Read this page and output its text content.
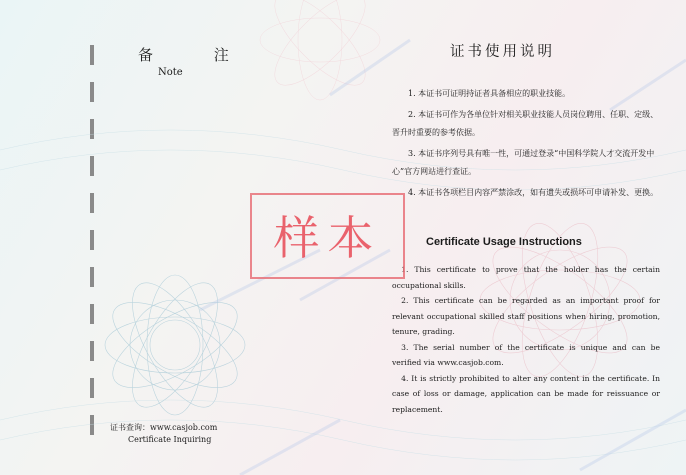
备 注
Note
证书查询：www.casjob.com
Certificate Inquiring
证书使用说明
1. 本证书可证明持证者具备相应的职业技能。
2. 本证书可作为各单位针对相关职业技能人员岗位聘用、任职、定级、晋升时重要的参考依据。
3. 本证书序列号具有唯一性，可通过登录“中国科学院人才交流开发中心”官方网站进行查证。
4. 本证书各项栏目内容严禁涂改，如有遗失或损坏可申请补发、更换。
Certificate Usage Instructions
1. This certificate to prove that the holder has the certain occupational skills.
2. This certificate can be regarded as an important proof for relevant occupational skilled staff positions when hiring, promotion, tenure, grading.
3. The serial number of the certificate is unique and can be verified via www.casjob.com.
4. It is strictly prohibited to alter any content in the certificate. In case of loss or damage, application can be made for reissuance or replacement.
样本
